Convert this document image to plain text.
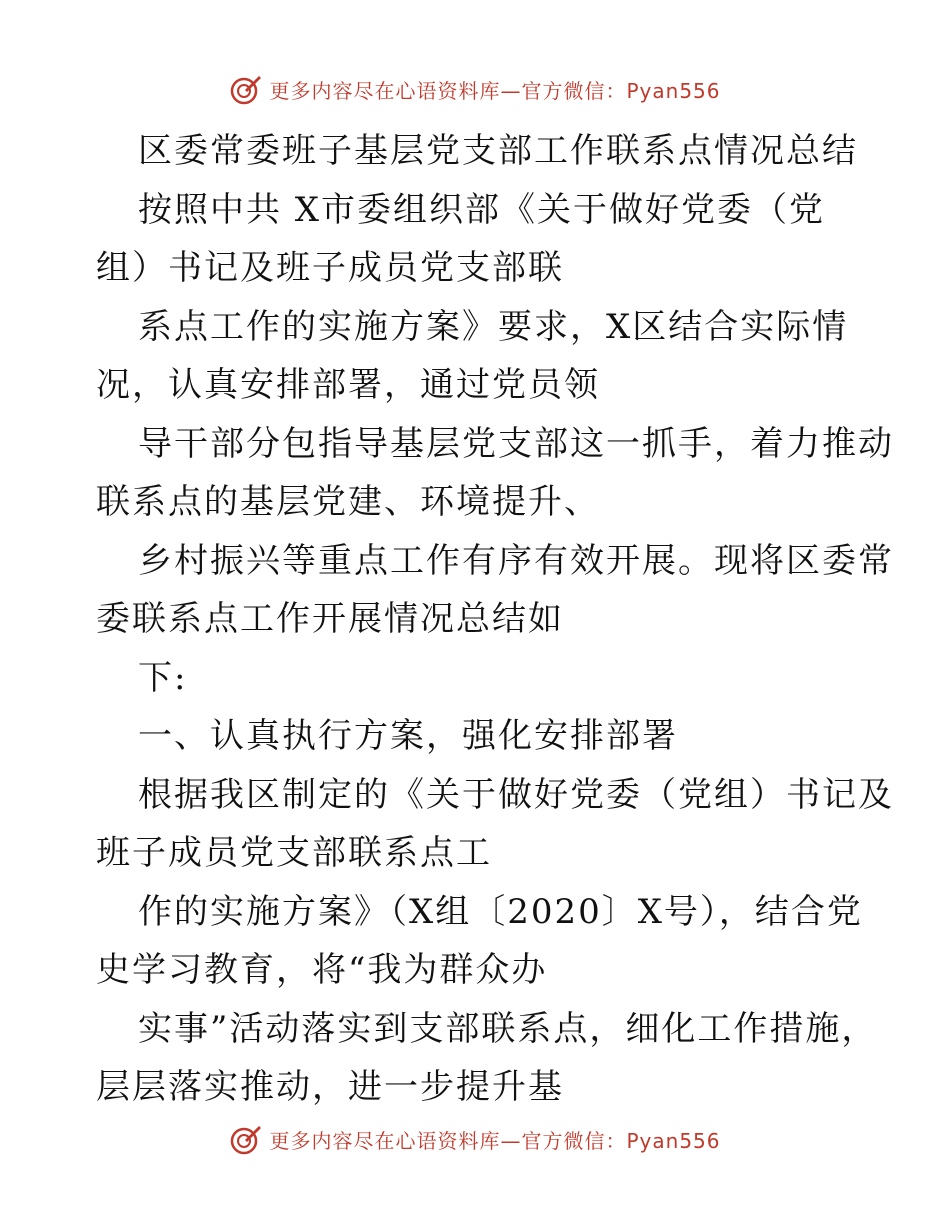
更多内容尽在心语资料库—官方微信：Pyan556
区委常委班子基层党支部工作联系点情况总结
按照中共 X市委组织部《关于做好党委（党
组）书记及班子成员党支部联
系点工作的实施方案》要求，X区结合实际情
况，认真安排部署，通过党员领
导干部分包指导基层党支部这一抓手，着力推动
联系点的基层党建、环境提升、
乡村振兴等重点工作有序有效开展。现将区委常
委联系点工作开展情况总结如
下:
一、认真执行方案，强化安排部署
根据我区制定的《关于做好党委（党组）书记及
班子成员党支部联系点工
作的实施方案》（X组〔2020〕X号），结合党
史学习教育，将“我为群众办
实事”活动落实到支部联系点，细化工作措施，
层层落实推动，进一步提升基
更多内容尽在心语资料库—官方微信：Pyan556
